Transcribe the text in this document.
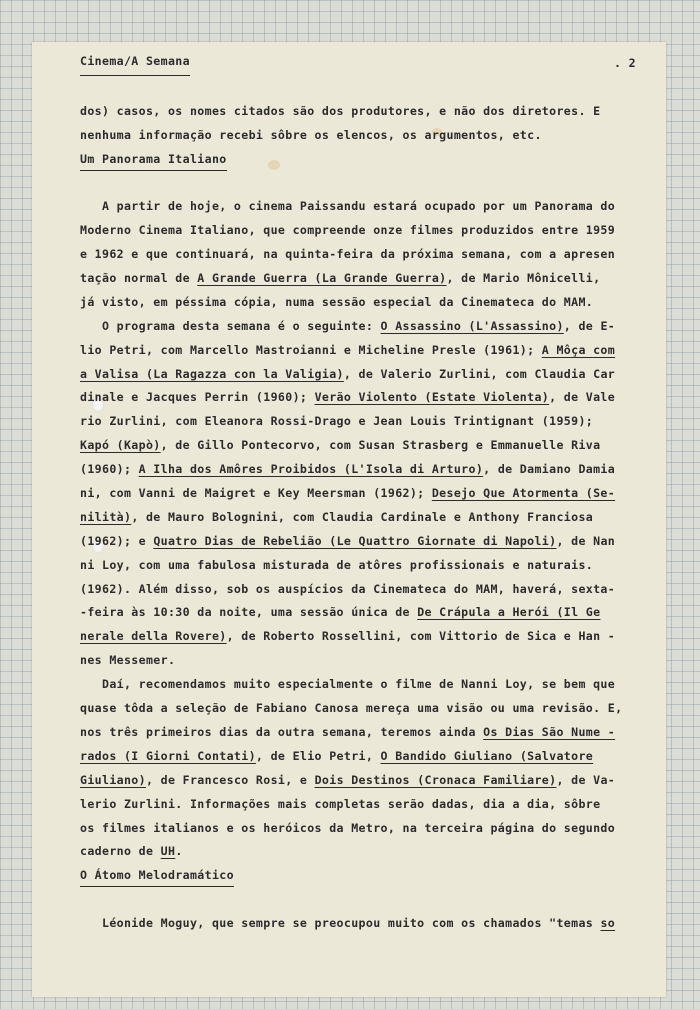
Cinema/A Semana	. 2
dos) casos, os nomes citados são dos produtores, e não dos diretores. E
nenhuma informação recebi sôbre os elencos, os argumentos, etc.
Um Panorama Italiano
A partir de hoje, o cinema Paissandu estará ocupado por um Panorama do
Moderno Cinema Italiano, que compreende onze filmes produzidos entre 1959
e 1962 e que continuará, na quinta-feira da próxima semana, com a apresen
tação normal de A Grande Guerra (La Grande Guerra), de Mario Mônicelli,
já visto, em péssima cópia, numa sessão especial da Cinemateca do MAM.
O programa desta semana é o seguinte: O Assassino (L'Assassino), de E-
lio Petri, com Marcello Mastroianni e Micheline Presle (1961); A Môça com
a Valisa (La Ragazza con la Valigia), de Valerio Zurlini, com Claudia Car
dinale e Jacques Perrin (1960); Verão Violento (Estate Violenta), de Vale
rio Zurlini, com Eleanora Rossi-Drago e Jean Louis Trintignant (1959);
Kapó (Kapò), de Gillo Pontecorvo, com Susan Strasberg e Emmanuelle Riva
(1960); A Ilha dos Amôres Proibidos (L'Isola di Arturo), de Damiano Damia
ni, com Vanni de Maigret e Key Meersman (1962); Desejo Que Atormenta (Se-
nilità), de Mauro Bolognini, com Claudia Cardinale e Anthony Franciosa
(1962); e Quatro Dias de Rebelião (Le Quattro Giornate di Napoli), de Nan
ni Loy, com uma fabulosa misturada de atôres profissionais e naturais.
(1962). Além disso, sob os auspícios da Cinemateca do MAM, haverá, sexta-
-feira às 10:30 da noite, uma sessão única de De Crápula a Herói (Il Ge
nerale della Rovere), de Roberto Rossellini, com Vittorio de Sica e Han -
nes Messemer.
Daí, recomendamos muito especialmente o filme de Nanni Loy, se bem que
quase tôda a seleção de Fabiano Canosa mereça uma visão ou uma revisão. E,
nos três primeiros dias da outra semana, teremos ainda Os Dias São Nume -
rados (I Giorni Contati), de Elio Petri, O Bandido Giuliano (Salvatore
Giuliano), de Francesco Rosi, e Dois Destinos (Cronaca Familiare), de Va-
lerio Zurlini. Informações mais completas serão dadas, dia a dia, sôbre
os filmes italianos e os heróicos da Metro, na terceira página do segundo
caderno de UH.
O Átomo Melodramático
Léonide Moguy, que sempre se preocupou muito com os chamados "temas so
